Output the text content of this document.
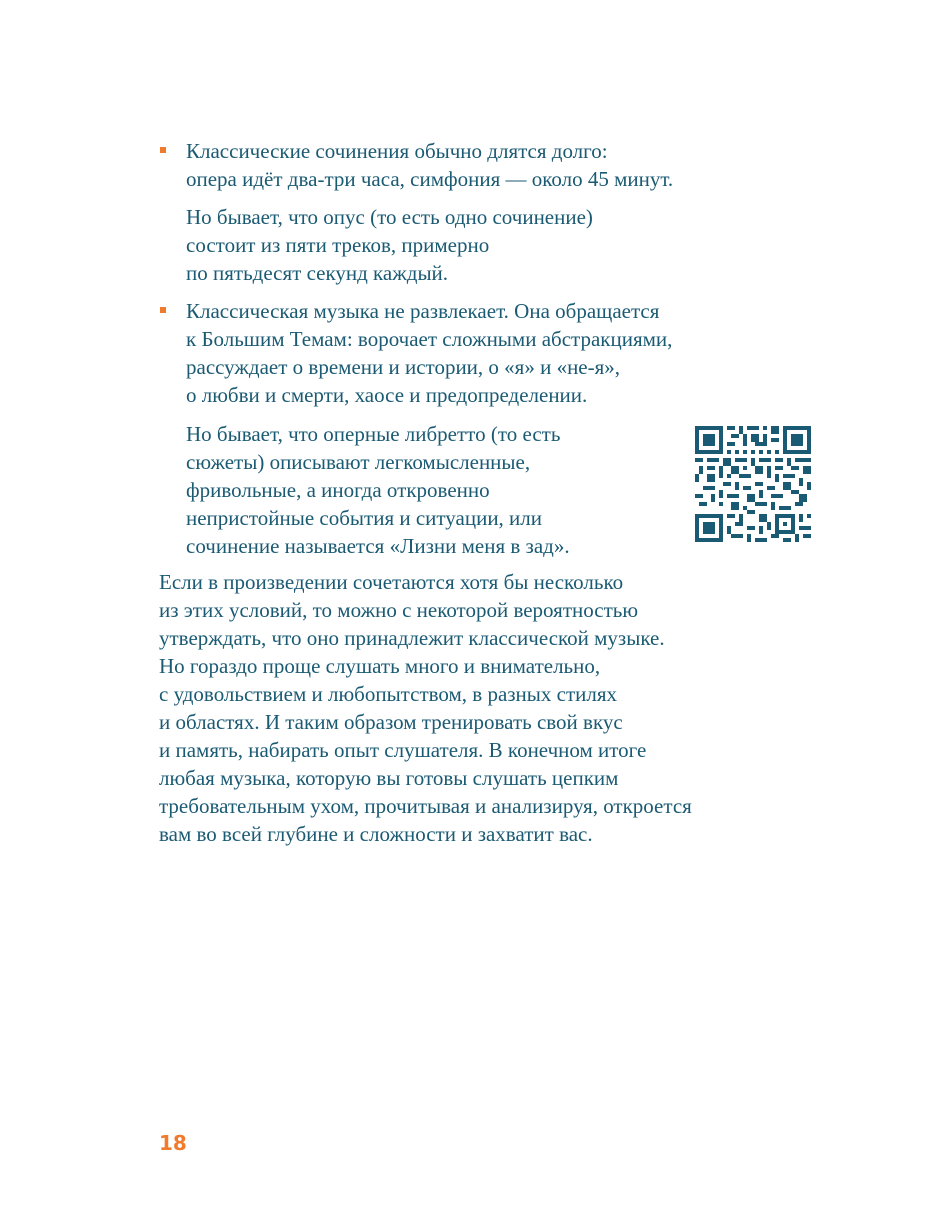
Классические сочинения обычно длятся долго:
опера идёт два-три часа, симфония — около 45 минут.
Но бывает, что опус (то есть одно сочинение)
состоит из пяти треков, примерно
по пятьдесят секунд каждый.
Классическая музыка не развлекает. Она обращается
к Большим Темам: ворочает сложными абстракциями,
рассуждает о времени и истории, о «я» и «не-я»,
о любви и смерти, хаосе и предопределении.
Но бывает, что оперные либретто (то есть
сюжеты) описывают легкомысленные,
фривольные, а иногда откровенно
непристойные события и ситуации, или
сочинение называется «Лизни меня в зад».
Если в произведении сочетаются хотя бы несколько
из этих условий, то можно с некоторой вероятностью
утверждать, что оно принадлежит классической музыке.
Но гораздо проще слушать много и внимательно,
с удовольствием и любопытством, в разных стилях
и областях. И таким образом тренировать свой вкус
и память, набирать опыт слушателя. В конечном итоге
любая музыка, которую вы готовы слушать цепким
требовательным ухом, прочитывая и анализируя, откроется
вам во всей глубине и сложности и захватит вас.
18
